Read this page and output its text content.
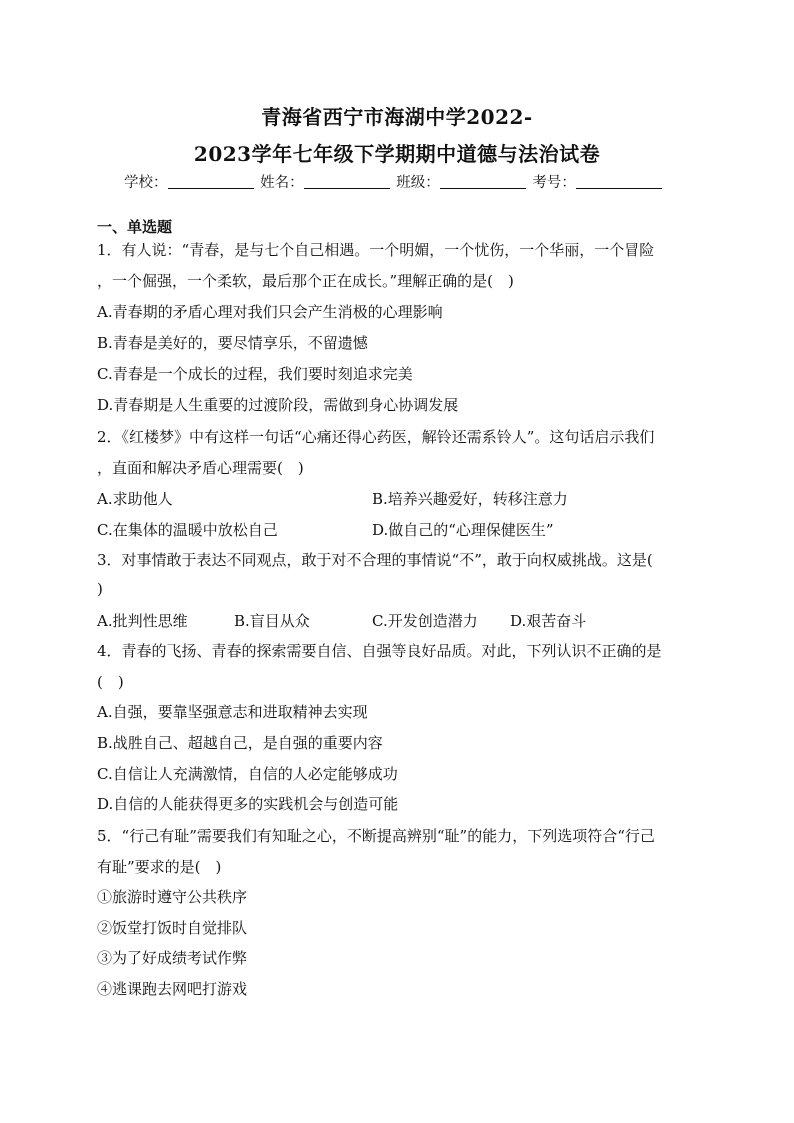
青海省西宁市海湖中学2022-
2023学年七年级下学期期中道德与法治试卷
学校：	姓名：	班级：	考号：
一、单选题
1．有人说：“青春，是与七个自己相遇。一个明媚，一个忧伤，一个华丽，一个冒险
，一个倔强，一个柔软，最后那个正在成长。”理解正确的是(　)
A.青春期的矛盾心理对我们只会产生消极的心理影响
B.青春是美好的，要尽情享乐，不留遗憾
C.青春是一个成长的过程，我们要时刻追求完美
D.青春期是人生重要的过渡阶段，需做到身心协调发展
2．《红楼梦》中有这样一句话“心痛还得心药医，解铃还需系铃人”。这句话启示我们
，直面和解决矛盾心理需要(　)
A.求助他人	B.培养兴趣爱好，转移注意力
C.在集体的温暖中放松自己	D.做自己的“心理保健医生”
3．对事情敢于表达不同观点，敢于对不合理的事情说“不”，敢于向权威挑战。这是(
)
A.批判性思维	B.盲目从众	C.开发创造潜力 D.艰苦奋斗
4．青春的飞扬、青春的探索需要自信、自强等良好品质。对此，下列认识不正确的是
(　)
A.自强，要靠坚强意志和进取精神去实现
B.战胜自己、超越自己，是自强的重要内容
C.自信让人充满激情，自信的人必定能够成功
D.自信的人能获得更多的实践机会与创造可能
5．“行己有耻”需要我们有知耻之心，不断提高辨别“耻”的能力，下列选项符合“行己
有耻”要求的是(　)
①旅游时遵守公共秩序
②饭堂打饭时自觉排队
③为了好成绩考试作弊
④逃课跑去网吧打游戏
